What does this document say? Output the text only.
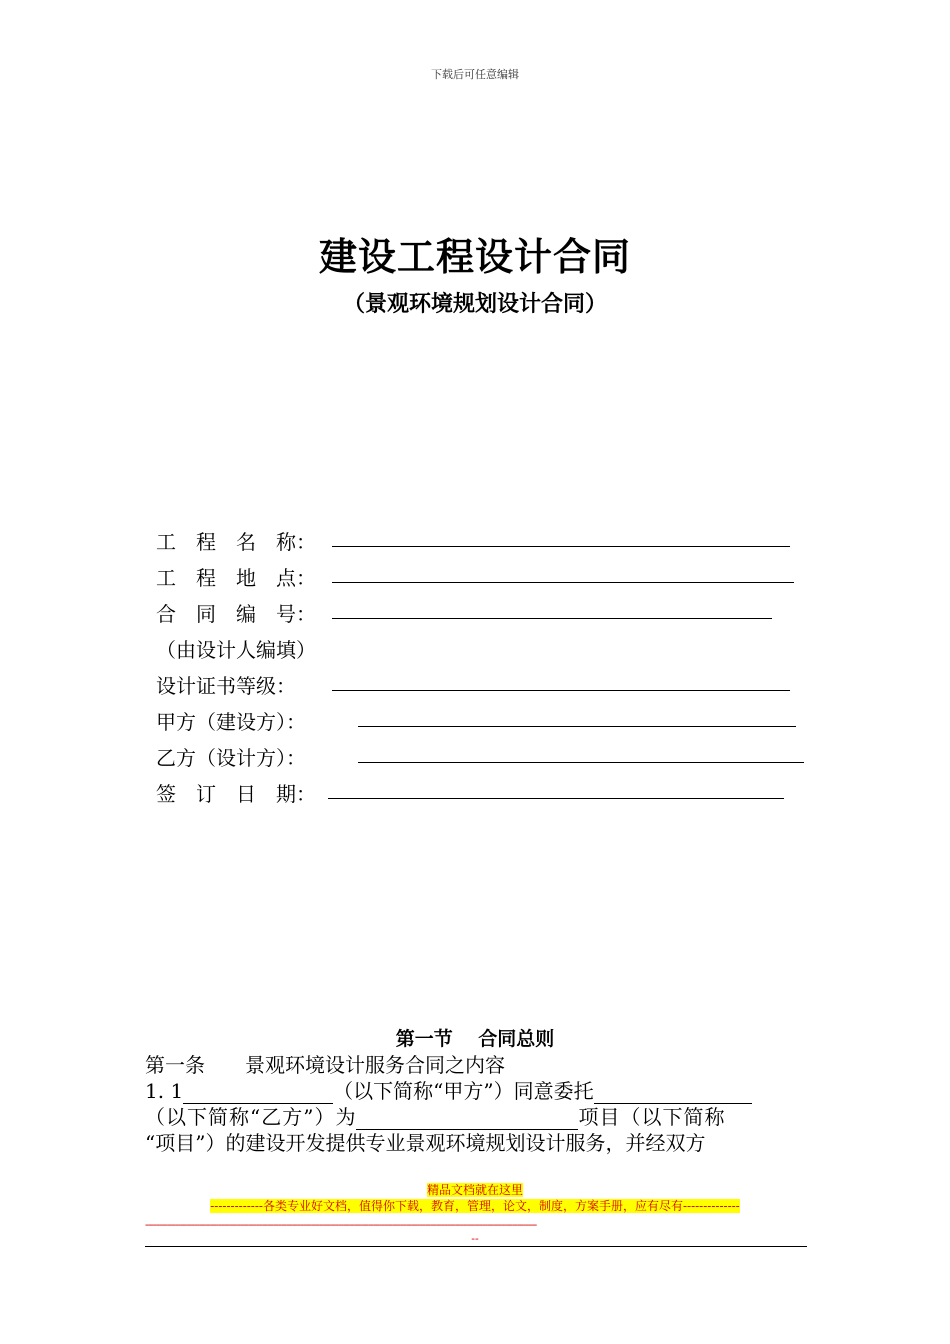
下载后可任意编辑
建设工程设计合同
（景观环境规划设计合同）
工　程　名　称：
工　程　地　点：
合　同　编　号：
（由设计人编填）
设计证书等级：
甲方（建设方）：
乙方（设计方）：
签　订　日　期：
第一节　 合同总则
第一条　　景观环境设计服务合同之内容
1. 1	（以下简称“甲方”）同意委托
（以下简称“乙方”）为	项目（以下简称
“项目”）的建设开发提供专业景观环境规划设计服务，并经双方
精品文档就在这里
-------------各类专业好文档，值得你下载，教育，管理，论文，制度，方案手册，应有尽有--------------
------------------------------------------------------------------------------------------------------------------------------------------------
--
